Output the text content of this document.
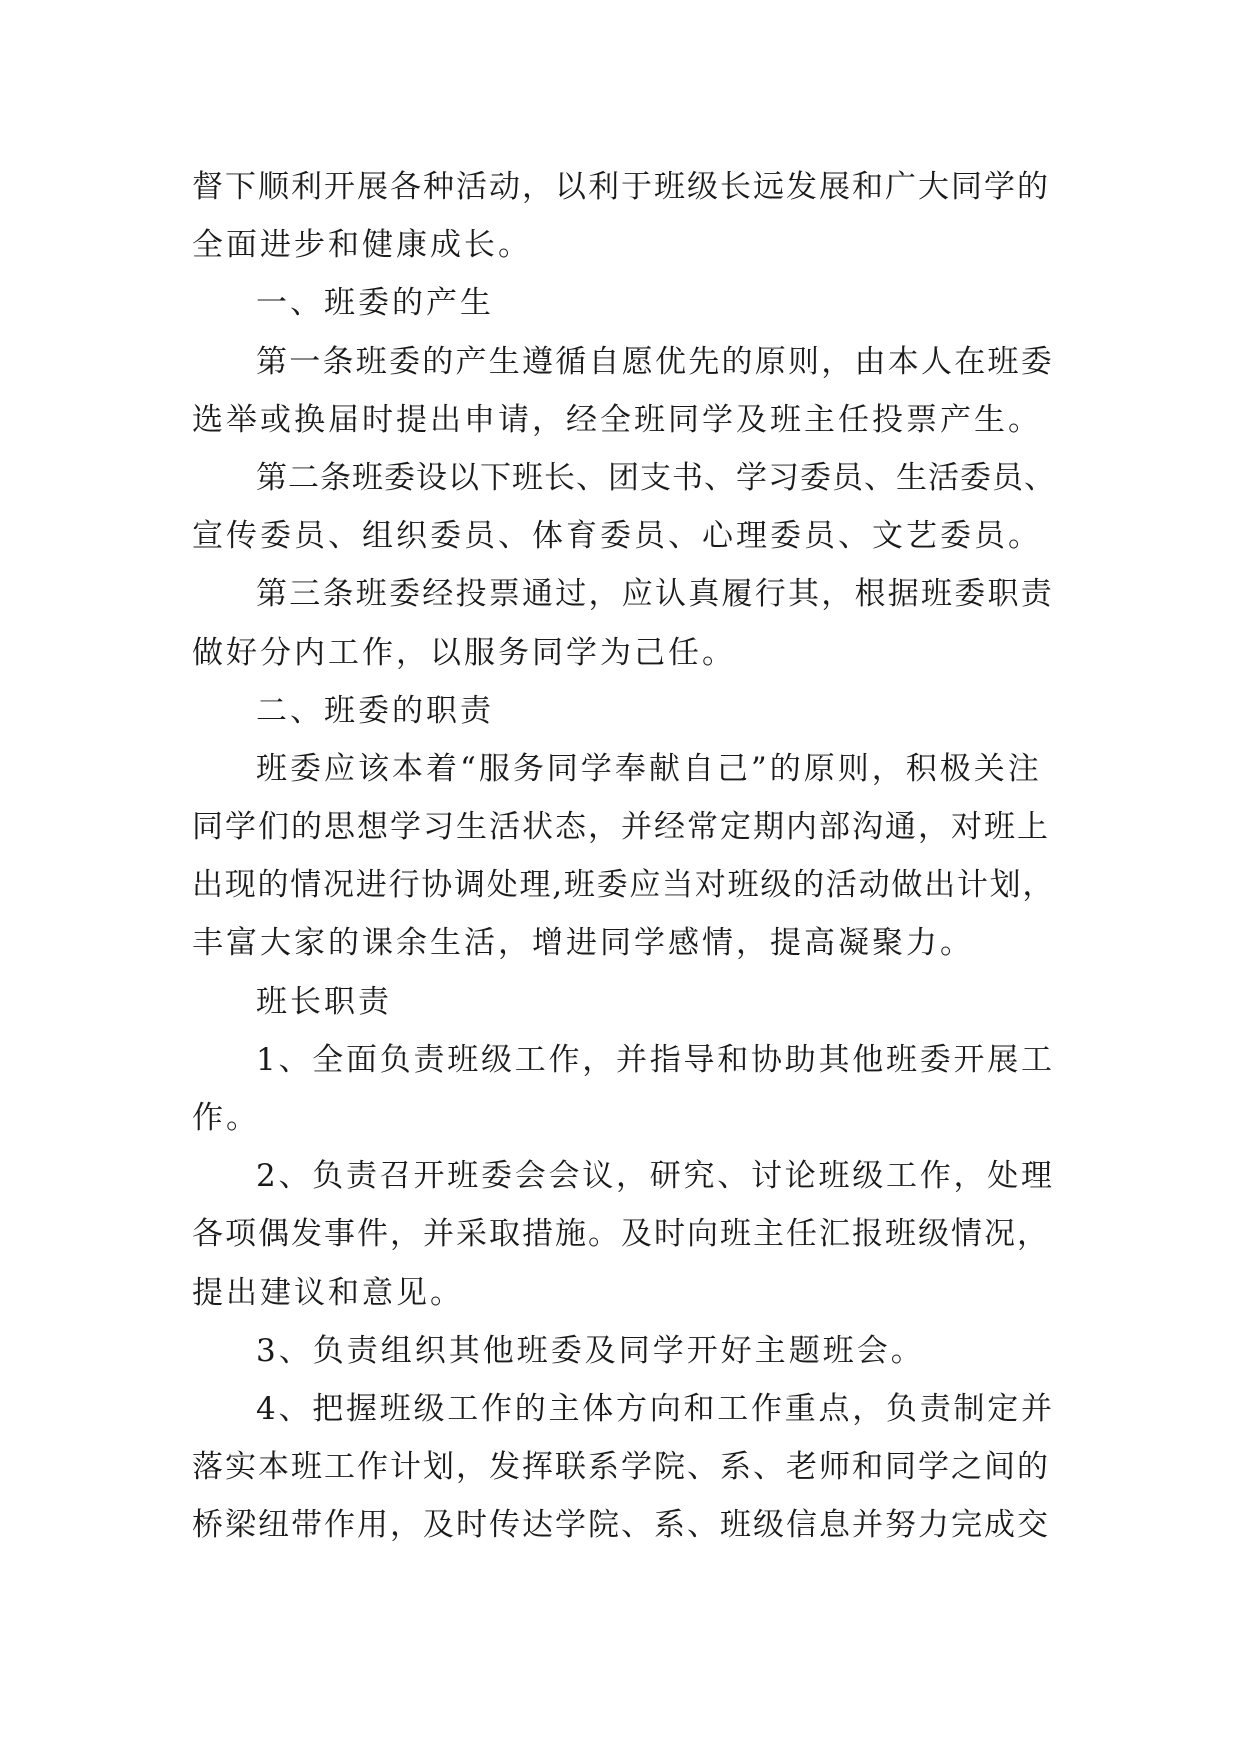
督下顺利开展各种活动，以利于班级长远发展和广大同学的
全面进步和健康成长。
一、班委的产生
第一条班委的产生遵循自愿优先的原则，由本人在班委
选举或换届时提出申请，经全班同学及班主任投票产生。
第二条班委设以下班长、团支书、学习委员、生活委员、
宣传委员、组织委员、体育委员、心理委员、文艺委员。
第三条班委经投票通过，应认真履行其，根据班委职责
做好分内工作，以服务同学为己任。
二、班委的职责
班委应该本着“服务同学奉献自己”的原则，积极关注
同学们的思想学习生活状态，并经常定期内部沟通，对班上
出现的情况进行协调处理,班委应当对班级的活动做出计划，
丰富大家的课余生活，增进同学感情，提高凝聚力。
班长职责
1、全面负责班级工作，并指导和协助其他班委开展工
作。
2、负责召开班委会会议，研究、讨论班级工作，处理
各项偶发事件，并采取措施。及时向班主任汇报班级情况，
提出建议和意见。
3、负责组织其他班委及同学开好主题班会。
4、把握班级工作的主体方向和工作重点，负责制定并
落实本班工作计划，发挥联系学院、系、老师和同学之间的
桥梁纽带作用，及时传达学院、系、班级信息并努力完成交
